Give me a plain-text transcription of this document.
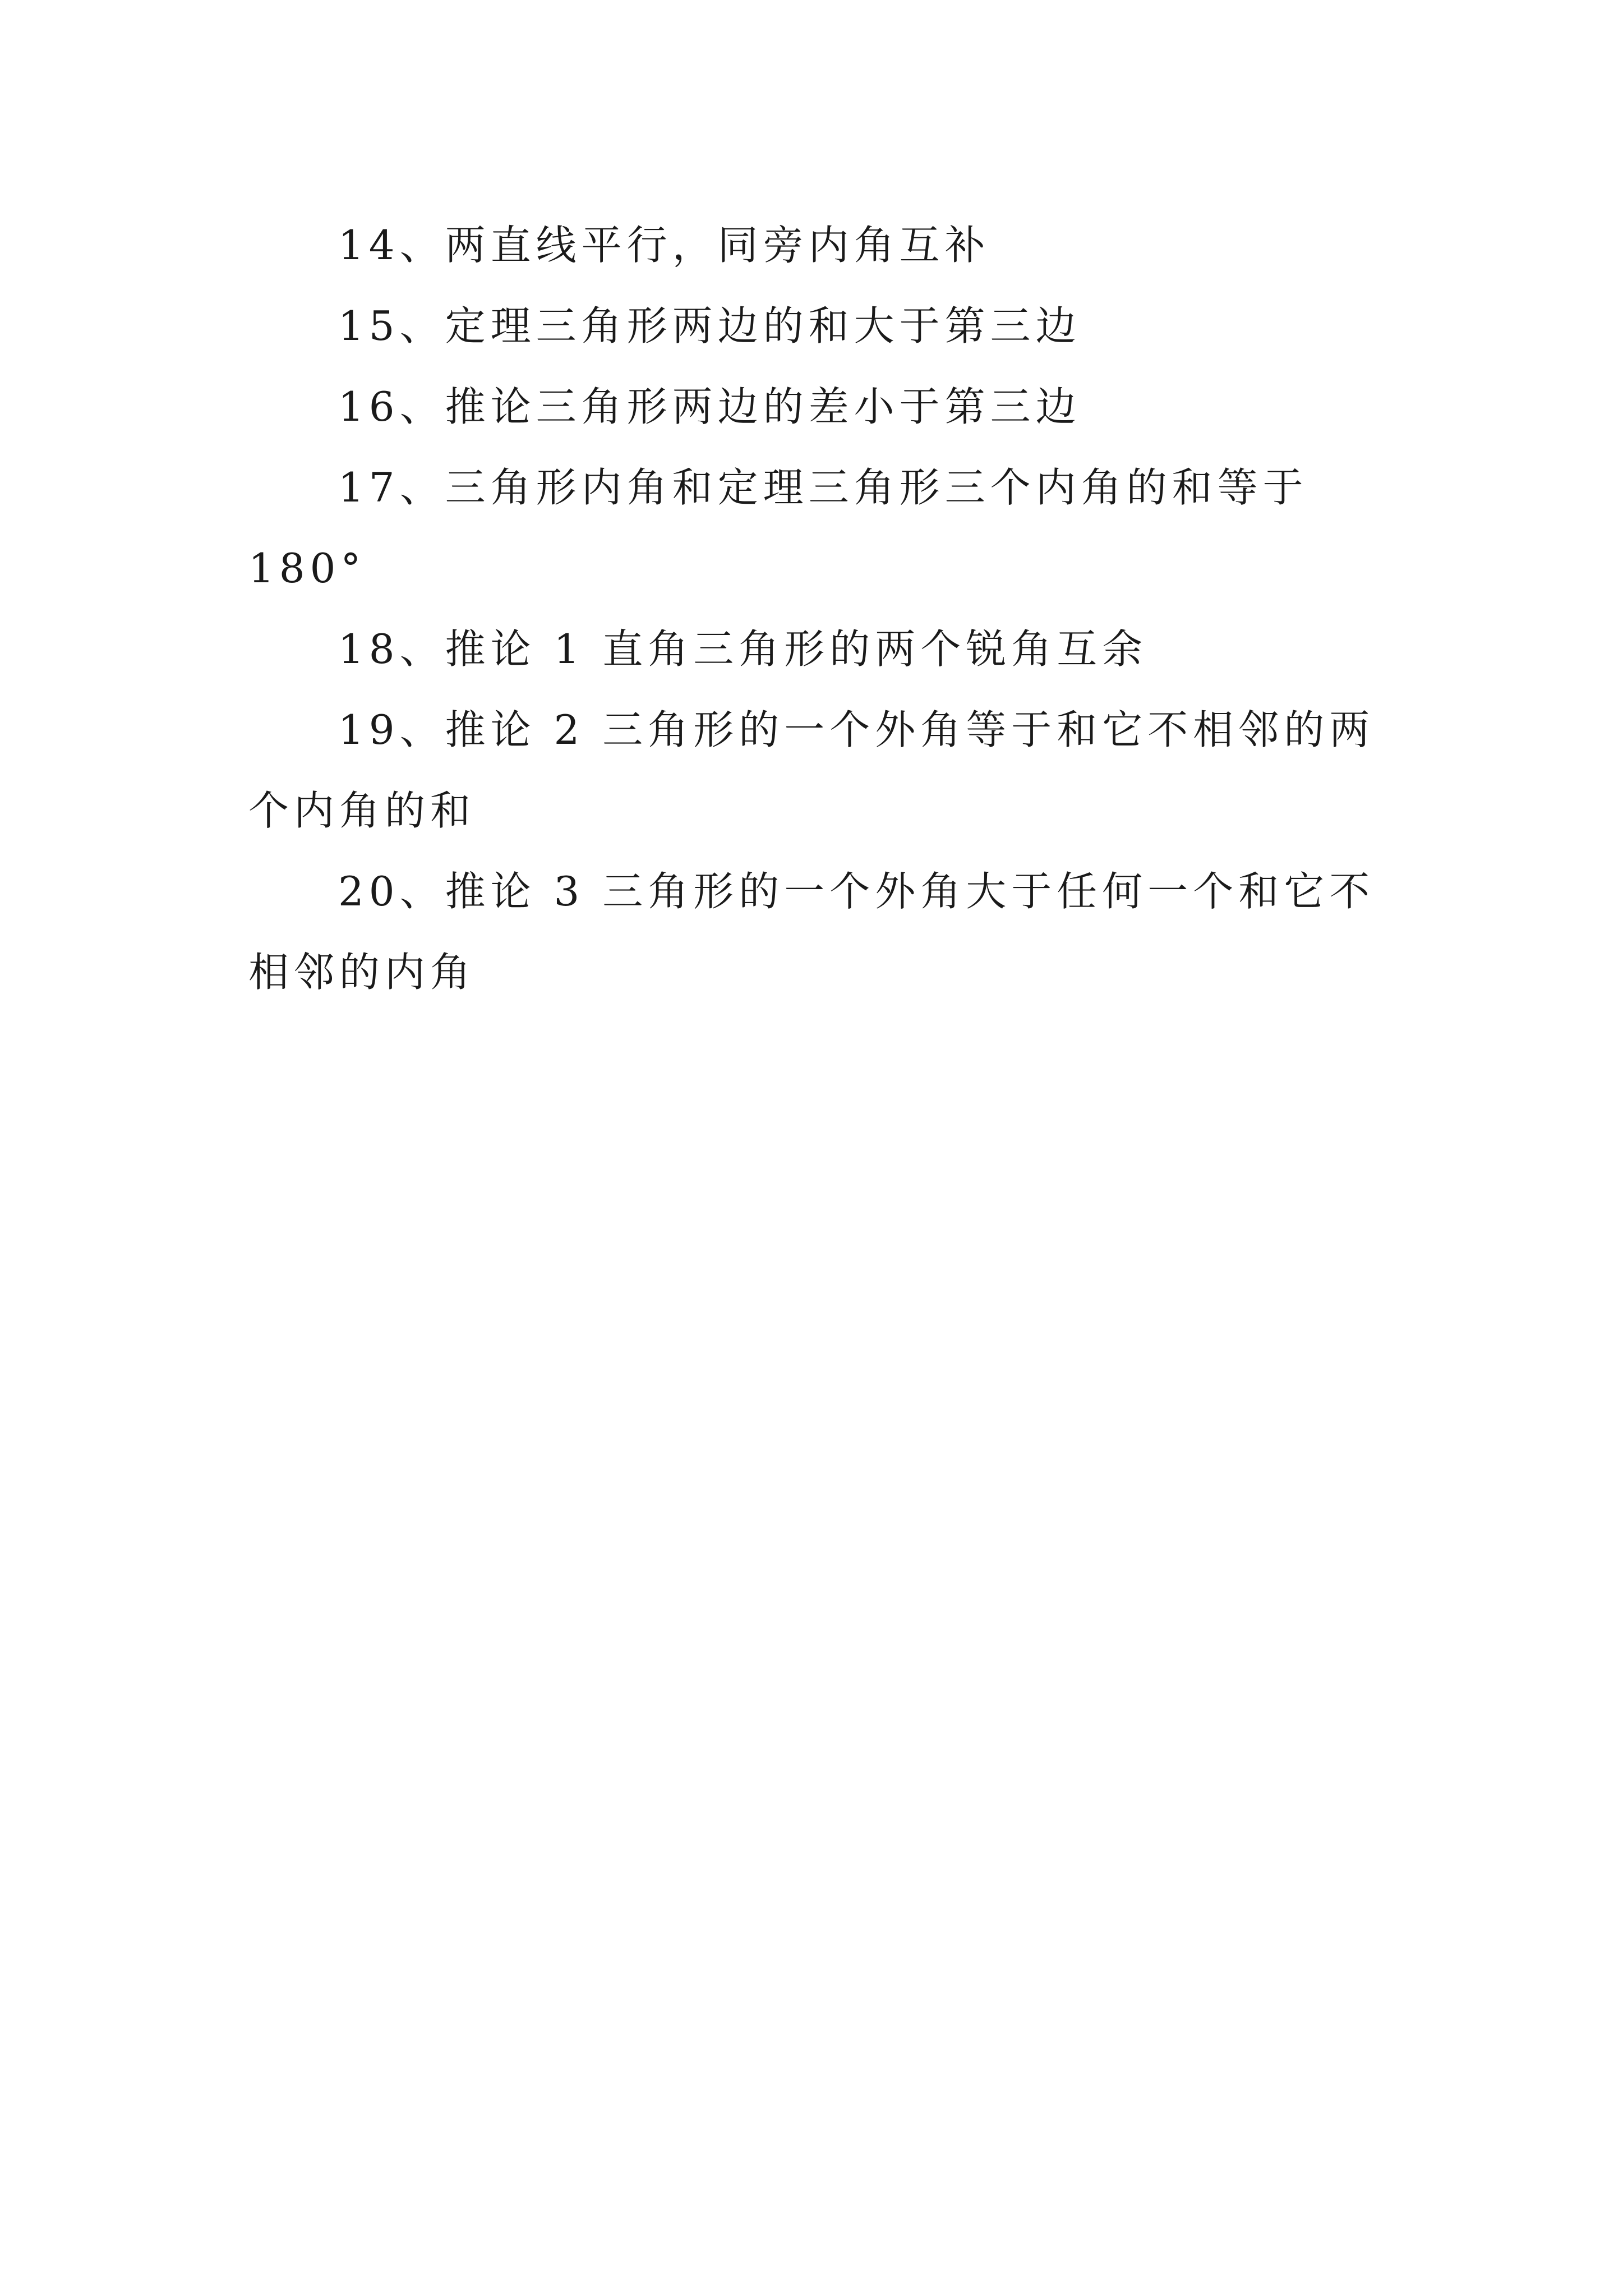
14、两直线平行，同旁内角互补

15、定理三角形两边的和大于第三边

16、推论三角形两边的差小于第三边

17、三角形内角和定理三角形三个内角的和等于 180°

18、推论 1 直角三角形的两个锐角互余

19、推论 2 三角形的一个外角等于和它不相邻的两个内角的和

20、推论 3 三角形的一个外角大于任何一个和它不相邻的内角
